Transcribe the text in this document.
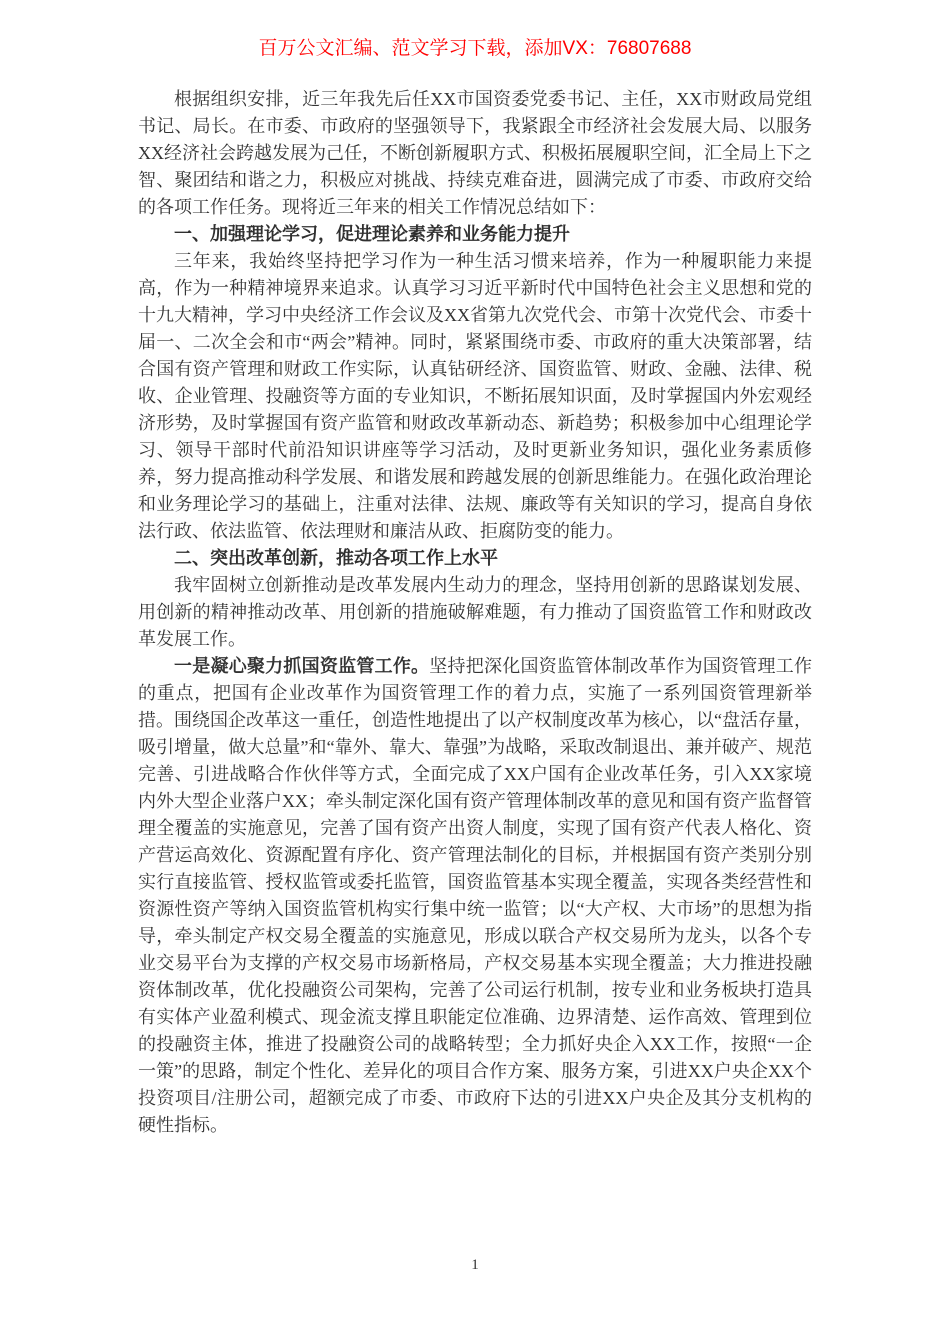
百万公文汇编、范文学习下载，添加VX：76807688

根据组织安排，近三年我先后任XX市国资委党委书记、主任，XX市财政局党组书记、局长。在市委、市政府的坚强领导下，我紧跟全市经济社会发展大局、以服务XX经济社会跨越发展为己任，不断创新履职方式、积极拓展履职空间，汇全局上下之智、聚团结和谐之力，积极应对挑战、持续克难奋进，圆满完成了市委、市政府交给的各项工作任务。现将近三年来的相关工作情况总结如下：

一、加强理论学习，促进理论素养和业务能力提升

三年来，我始终坚持把学习作为一种生活习惯来培养，作为一种履职能力来提高，作为一种精神境界来追求。认真学习习近平新时代中国特色社会主义思想和党的十九大精神，学习中央经济工作会议及XX省第九次党代会、市第十次党代会、市委十届一、二次全会和市“两会”精神。同时，紧紧围绕市委、市政府的重大决策部署，结合国有资产管理和财政工作实际，认真钻研经济、国资监管、财政、金融、法律、税收、企业管理、投融资等方面的专业知识，不断拓展知识面，及时掌握国内外宏观经济形势，及时掌握国有资产监管和财政改革新动态、新趋势；积极参加中心组理论学习、领导干部时代前沿知识讲座等学习活动，及时更新业务知识，强化业务素质修养，努力提高推动科学发展、和谐发展和跨越发展的创新思维能力。在强化政治理论和业务理论学习的基础上，注重对法律、法规、廉政等有关知识的学习，提高自身依法行政、依法监管、依法理财和廉洁从政、拒腐防变的能力。

二、突出改革创新，推动各项工作上水平

我牢固树立创新推动是改革发展内生动力的理念，坚持用创新的思路谋划发展、用创新的精神推动改革、用创新的措施破解难题，有力推动了国资监管工作和财政改革发展工作。

一是凝心聚力抓国资监管工作。坚持把深化国资监管体制改革作为国资管理工作的重点，把国有企业改革作为国资管理工作的着力点，实施了一系列国资管理新举措。围绕国企改革这一重任，创造性地提出了以产权制度改革为核心，以“盘活存量，吸引增量，做大总量”和“靠外、靠大、靠强”为战略，采取改制退出、兼并破产、规范完善、引进战略合作伙伴等方式，全面完成了XX户国有企业改革任务，引入XX家境内外大型企业落户XX；牵头制定深化国有资产管理体制改革的意见和国有资产监督管理全覆盖的实施意见，完善了国有资产出资人制度，实现了国有资产代表人格化、资产营运高效化、资源配置有序化、资产管理法制化的目标，并根据国有资产类别分别实行直接监管、授权监管或委托监管，国资监管基本实现全覆盖，实现各类经营性和资源性资产等纳入国资监管机构实行集中统一监管；以“大产权、大市场”的思想为指导，牵头制定产权交易全覆盖的实施意见，形成以联合产权交易所为龙头，以各个专业交易平台为支撑的产权交易市场新格局，产权交易基本实现全覆盖；大力推进投融资体制改革，优化投融资公司架构，完善了公司运行机制，按专业和业务板块打造具有实体产业盈利模式、现金流支撑且职能定位准确、边界清楚、运作高效、管理到位的投融资主体，推进了投融资公司的战略转型；全力抓好央企入XX工作，按照“一企一策”的思路，制定个性化、差异化的项目合作方案、服务方案，引进XX户央企XX个投资项目/注册公司，超额完成了市委、市政府下达的引进XX户央企及其分支机构的硬性指标。

1
